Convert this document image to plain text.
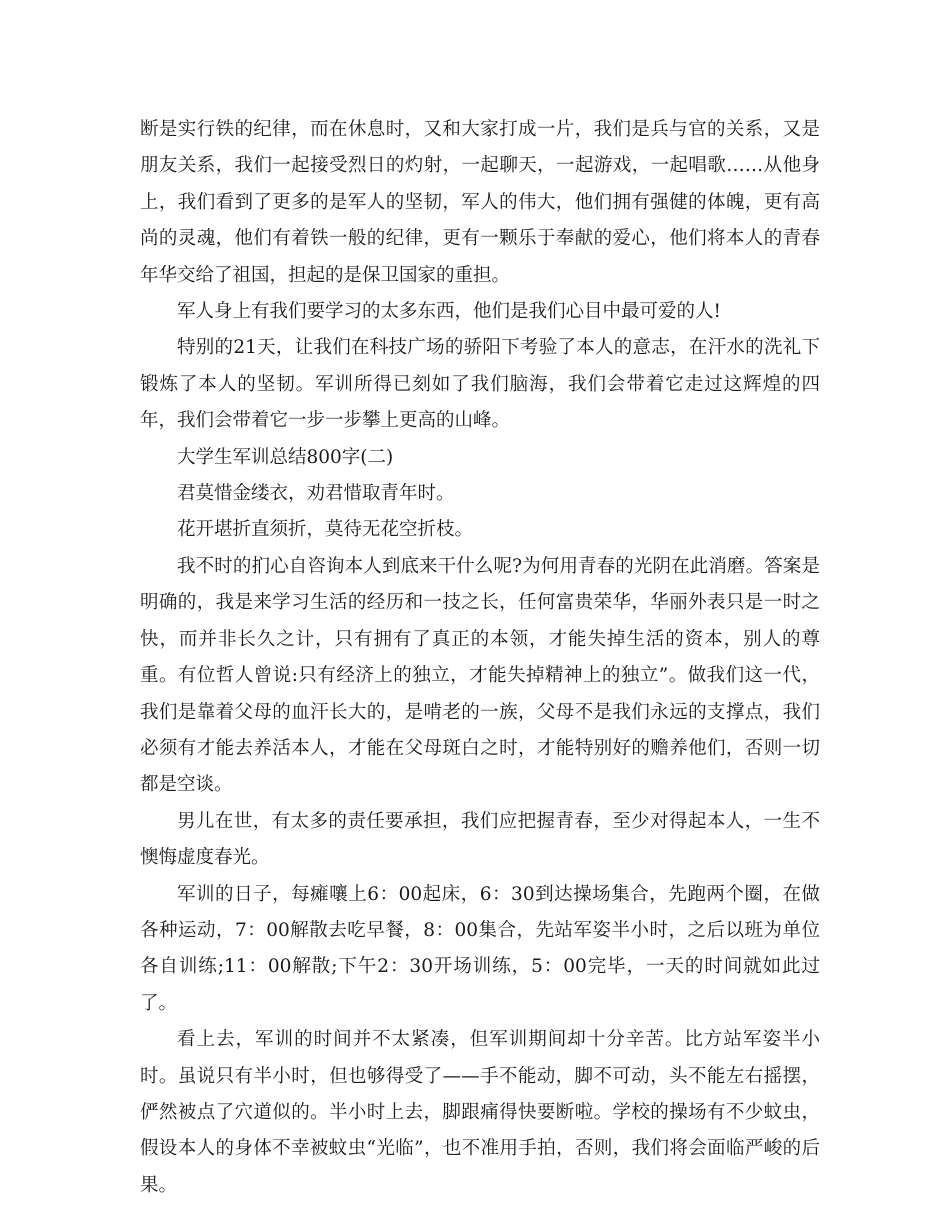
断是实行铁的纪律，而在休息时，又和大家打成一片，我们是兵与官的关系，又是朋友关系，我们一起接受烈日的灼射，一起聊天，一起游戏，一起唱歌……从他身上，我们看到了更多的是军人的坚韧，军人的伟大，他们拥有强健的体魄，更有高尚的灵魂，他们有着铁一般的纪律，更有一颗乐于奉献的爱心，他们将本人的青春年华交给了祖国，担起的是保卫国家的重担。

军人身上有我们要学习的太多东西，他们是我们心目中最可爱的人!

特别的21天，让我们在科技广场的骄阳下考验了本人的意志，在汗水的洗礼下锻炼了本人的坚韧。军训所得已刻如了我们脑海，我们会带着它走过这辉煌的四年，我们会带着它一步一步攀上更高的山峰。

大学生军训总结800字(二)

君莫惜金缕衣，劝君惜取青年时。

花开堪折直须折，莫待无花空折枝。

我不时的扪心自咨询本人到底来干什么呢?为何用青春的光阴在此消磨。答案是明确的，我是来学习生活的经历和一技之长，任何富贵荣华，华丽外表只是一时之快，而并非长久之计，只有拥有了真正的本领，才能失掉生活的资本，别人的尊重。有位哲人曾说:只有经济上的独立，才能失掉精神上的独立”。做我们这一代，我们是靠着父母的血汗长大的，是啃老的一族，父母不是我们永远的支撑点，我们必须有才能去养活本人，才能在父母斑白之时，才能特别好的赡养他们，否则一切都是空谈。

男儿在世，有太多的责任要承担，我们应把握青春，至少对得起本人，一生不懊悔虚度春光。

军训的日子，每瘫嚷上6：00起床，6：30到达操场集合，先跑两个圈，在做各种运动，7：00解散去吃早餐，8：00集合，先站军姿半小时，之后以班为单位各自训练;11：00解散;下午2：30开场训练，5：00完毕，一天的时间就如此过了。

看上去，军训的时间并不太紧凑，但军训期间却十分辛苦。比方站军姿半小时。虽说只有半小时，但也够得受了——手不能动，脚不可动，头不能左右摇摆，俨然被点了穴道似的。半小时上去，脚跟痛得快要断啦。学校的操场有不少蚊虫，假设本人的身体不幸被蚊虫“光临”，也不准用手拍，否则，我们将会面临严峻的后果。
